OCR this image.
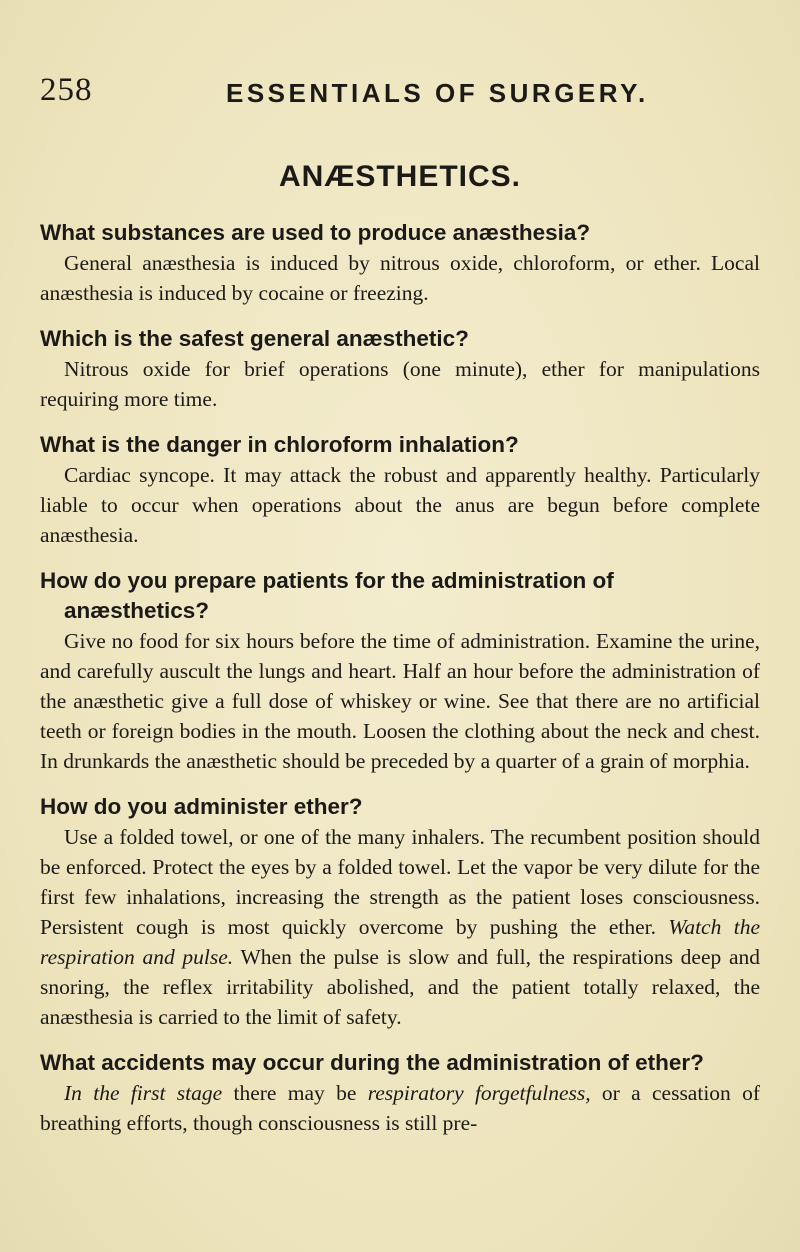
258	ESSENTIALS OF SURGERY.
ANÆSTHETICS.

What substances are used to produce anæsthesia?

General anæsthesia is induced by nitrous oxide, chloroform, or ether. Local anæsthesia is induced by cocaine or freezing.

Which is the safest general anæsthetic?

Nitrous oxide for brief operations (one minute), ether for manipulations requiring more time.

What is the danger in chloroform inhalation?

Cardiac syncope. It may attack the robust and apparently healthy. Particularly liable to occur when operations about the anus are begun before complete anæsthesia.

How do you prepare patients for the administration of anæsthetics?

Give no food for six hours before the time of administration. Examine the urine, and carefully auscult the lungs and heart. Half an hour before the administration of the anæsthetic give a full dose of whiskey or wine. See that there are no artificial teeth or foreign bodies in the mouth. Loosen the clothing about the neck and chest. In drunkards the anæsthetic should be preceded by a quarter of a grain of morphia.

How do you administer ether?

Use a folded towel, or one of the many inhalers. The recumbent position should be enforced. Protect the eyes by a folded towel. Let the vapor be very dilute for the first few inhalations, increasing the strength as the patient loses consciousness. Persistent cough is most quickly overcome by pushing the ether. Watch the respiration and pulse. When the pulse is slow and full, the respirations deep and snoring, the reflex irritability abolished, and the patient totally relaxed, the anæsthesia is carried to the limit of safety.

What accidents may occur during the administration of ether?

In the first stage there may be respiratory forgetfulness, or a cessation of breathing efforts, though consciousness is still pre-
